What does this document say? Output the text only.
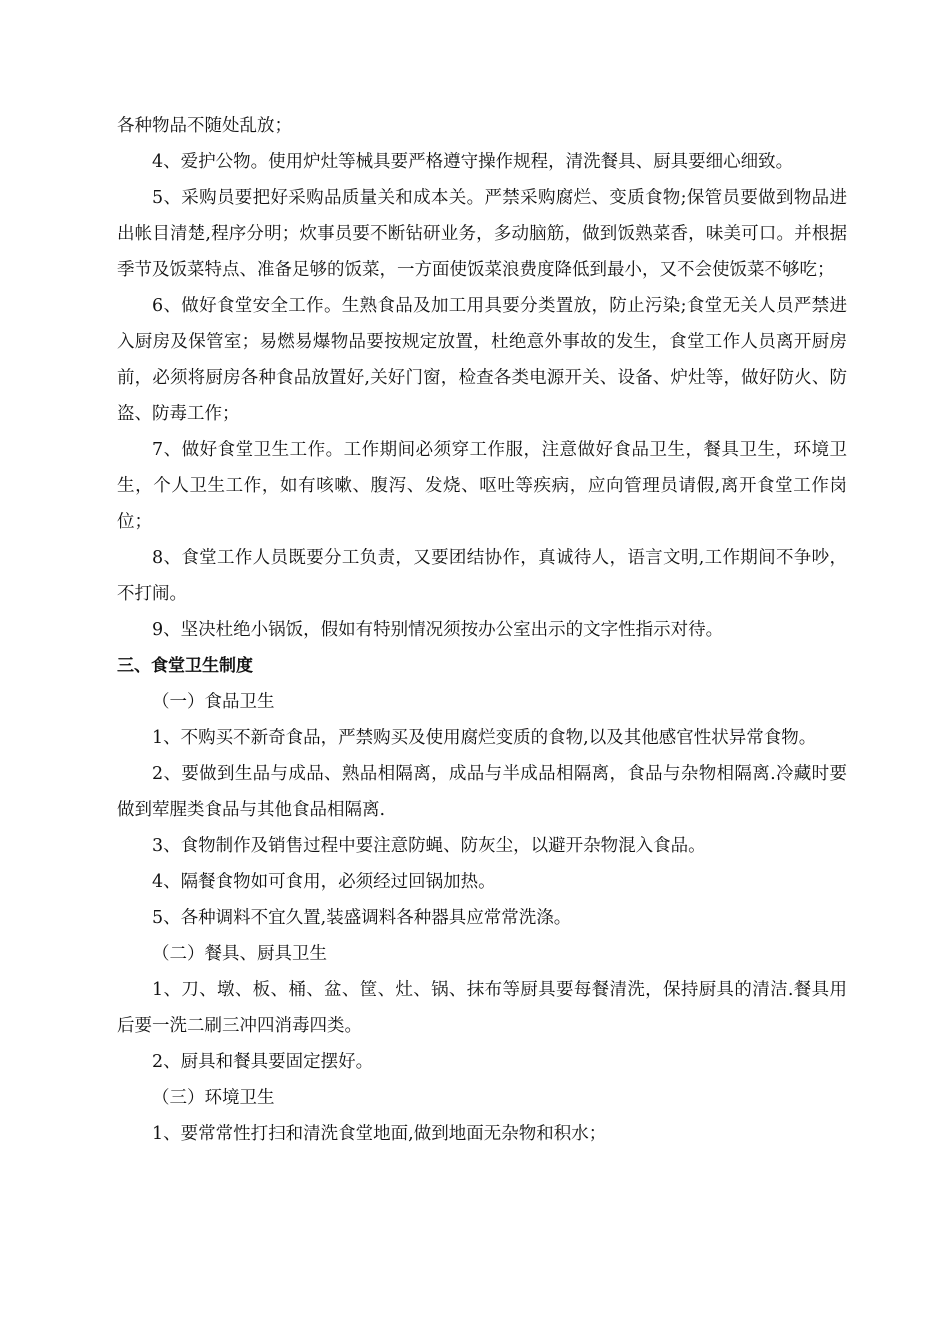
各种物品不随处乱放；

4、爱护公物。使用炉灶等械具要严格遵守操作规程，清洗餐具、厨具要细心细致。

5、采购员要把好采购品质量关和成本关。严禁采购腐烂、变质食物;保管员要做到物品进出帐目清楚,程序分明；炊事员要不断钻研业务，多动脑筋，做到饭熟菜香，味美可口。并根据季节及饭菜特点、准备足够的饭菜，一方面使饭菜浪费度降低到最小，又不会使饭菜不够吃；

6、做好食堂安全工作。生熟食品及加工用具要分类置放，防止污染;食堂无关人员严禁进入厨房及保管室；易燃易爆物品要按规定放置，杜绝意外事故的发生，食堂工作人员离开厨房前，必须将厨房各种食品放置好,关好门窗，检查各类电源开关、设备、炉灶等，做好防火、防盗、防毒工作；

7、做好食堂卫生工作。工作期间必须穿工作服，注意做好食品卫生，餐具卫生，环境卫生，个人卫生工作，如有咳嗽、腹泻、发烧、呕吐等疾病，应向管理员请假,离开食堂工作岗位；

8、食堂工作人员既要分工负责，又要团结协作，真诚待人，语言文明,工作期间不争吵，不打闹。

9、坚决杜绝小锅饭，假如有特别情况须按办公室出示的文字性指示对待。

三、食堂卫生制度

（一）食品卫生

1、不购买不新奇食品，严禁购买及使用腐烂变质的食物,以及其他感官性状异常食物。

2、要做到生品与成品、熟品相隔离，成品与半成品相隔离，食品与杂物相隔离.冷藏时要做到荤腥类食品与其他食品相隔离.

3、食物制作及销售过程中要注意防蝇、防灰尘，以避开杂物混入食品。

4、隔餐食物如可食用，必须经过回锅加热。

5、各种调料不宜久置,装盛调料各种器具应常常洗涤。

（二）餐具、厨具卫生

1、刀、墩、板、桶、盆、筐、灶、锅、抹布等厨具要每餐清洗，保持厨具的清洁.餐具用后要一洗二刷三冲四消毒四类。

2、厨具和餐具要固定摆好。

（三）环境卫生

1、要常常性打扫和清洗食堂地面,做到地面无杂物和积水；
